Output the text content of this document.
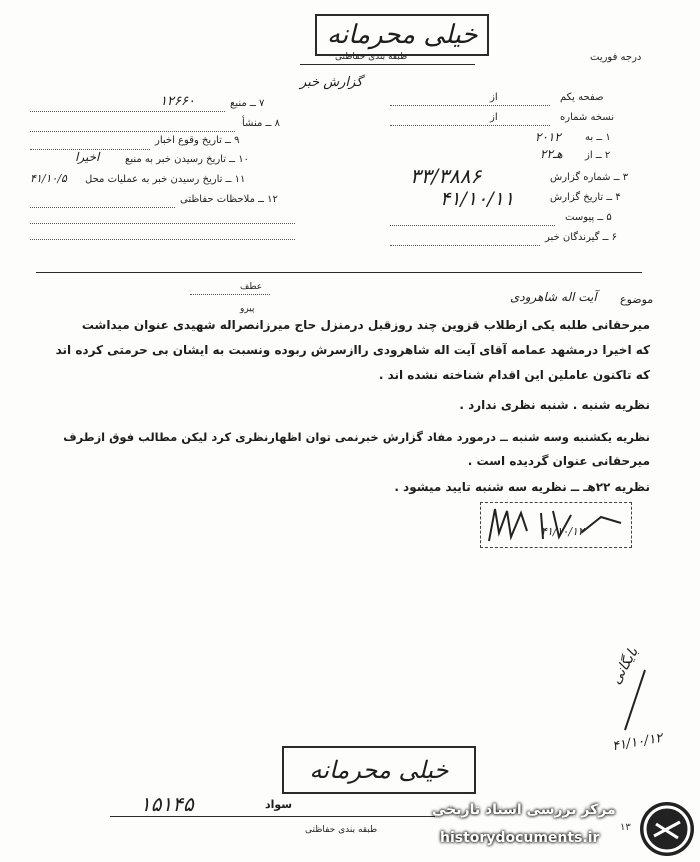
خیلی محرمانه
طبقه بندی حفاظتی	درجه فوریت
گزارش خبر
صفحه یکم
از
نسخه شماره
از
۱ ــ به
۲۰۱۲
۲ ــ از
۲۲هـ
۳ ــ شماره گزارش
۳۳/۳۸۸۶
۴ ــ تاریخ گزارش
۴۱/۱۰/۱۱
۵ ــ پیوست
۶ ــ گیرندگان خبر
۷ ــ منبع
۱۲۶۶۰
۸ ــ منشأ
۹ ــ تاریخ وقوع اخبار
۱۰ ــ تاریخ رسیدن خبر به منبع
اخیرا
۱۱ ــ تاریخ رسیدن خبر به عملیات محل
۴۱/۱۰/۵
۱۲ ــ ملاحظات حفاظتی
عطف
پیرو
موضوع
آیت اله شاهرودی
میرحقانی طلبه یکی ازطلاب قزوین چند روزقبل درمنزل حاج میرزانصراله شهیدی عنوان میداشت
که اخیرا درمشهد عمامه آقای آیت اله شاهرودی راازسرش ربوده ونسبت به ایشان بی حرمتی کرده اند
که تاکنون عاملین این اقدام شناخته نشده اند .
نظریه شنبه . شنبه نظری ندارد .
نظریه یکشنبه وسه شنبه ــ درمورد مفاد گزارش خبرنمی توان اظهارنظری کرد لیکن مطالب فوق ازطرف
میرحقانی عنوان گردیده است .
نظریه ۲۲هـ ــ نظریه سه شنبه تایید میشود .
۴۱/۱۰/۱۲
بایگانی
۴۱/۱۰/۱۲
خیلی محرمانه
۱۵۱۴۵	سواد
طبقه بندی حفاظتی
مرکز بررسی اسناد تاریخی
historydocuments.ir
۱۳
